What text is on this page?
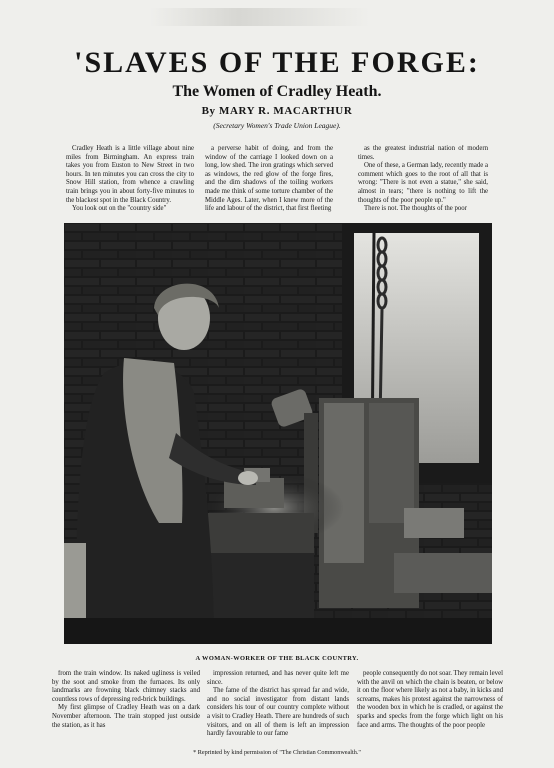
'SLAVES OF THE FORGE:
The Women of Cradley Heath.
By MARY R. MACARTHUR
(Secretary Women's Trade Union League).

Cradley Heath is a little village about nine miles from Birmingham. An express train takes you from Euston to New Street in two hours. In ten minutes you can cross the city to Snow Hill station, from whence a crawling train brings you in about forty-five minutes to the blackest spot in the Black Country.

You look out on the "country side"

a perverse habit of doing, and from the window of the carriage I looked down on a long, low shed. The iron gratings which served as windows, the red glow of the forge fires, and the dim shadows of the toiling workers made me think of some torture chamber of the Middle Ages. Later, when I knew more of the life and labour of the district, that first fleeting

as the greatest industrial nation of modern times.

One of these, a German lady, recently made a comment which goes to the root of all that is wrong: "There is not even a statue," she said, almost in tears; "there is nothing to lift the thoughts of the poor people up."

There is not. The thoughts of the poor

A WOMAN-WORKER OF THE BLACK COUNTRY.

from the train window. Its naked ugliness is veiled by the soot and smoke from the furnaces. Its only landmarks are frowning black chimney stacks and countless rows of depressing red-brick buildings.

My first glimpse of Cradley Heath was on a dark November afternoon. The train stopped just outside the station, as it has

impression returned, and has never quite left me since.

The fame of the district has spread far and wide, and no social investigator from distant lands considers his tour of our country complete without a visit to Cradley Heath. There are hundreds of such visitors, and on all of them is left an impression hardly favourable to our fame

people consequently do not soar. They remain level with the anvil on which the chain is beaten, or below it on the floor where likely as not a baby, in kicks and screams, makes his protest against the narrowness of the wooden box in which he is cradled, or against the sparks and specks from the forge which light on his face and arms. The thoughts of the poor people

* Reprinted by kind permission of "The Christian Commonwealth."
